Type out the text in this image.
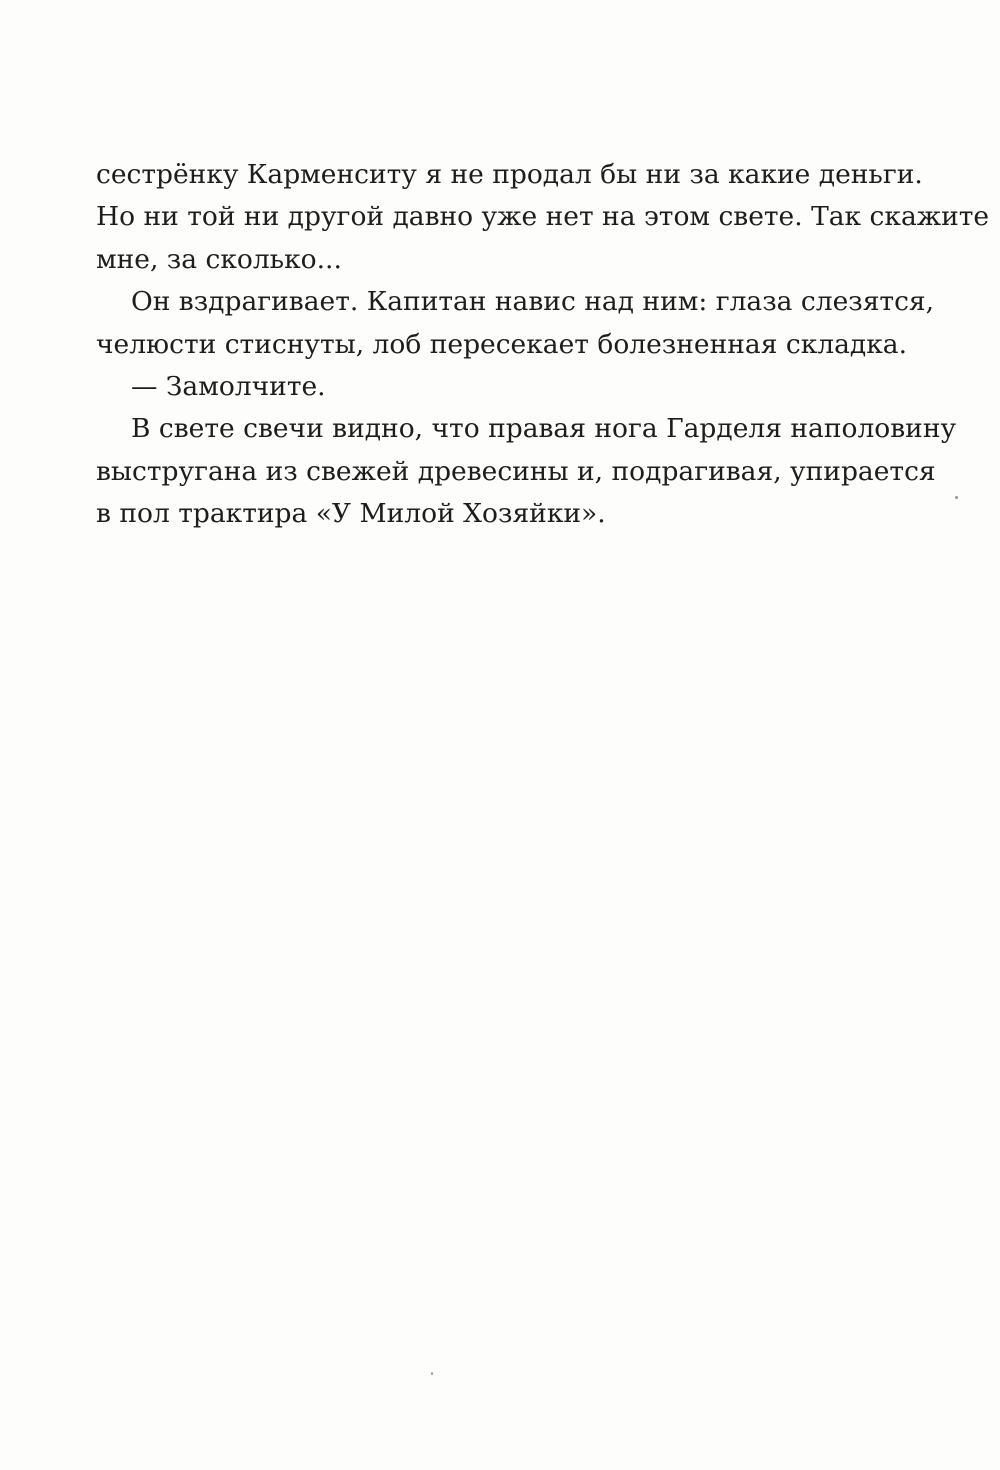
сестрёнку Карменситу я не продал бы ни за какие деньги.
Но ни той ни другой давно уже нет на этом свете. Так скажите
мне, за сколько...
Он вздрагивает. Капитан навис над ним: глаза слезятся,
челюсти стиснуты, лоб пересекает болезненная складка.
— Замолчите.
В свете свечи видно, что правая нога Гарделя наполовину
выстругана из свежей древесины и, подрагивая, упирается
в пол трактира «У Милой Хозяйки».
